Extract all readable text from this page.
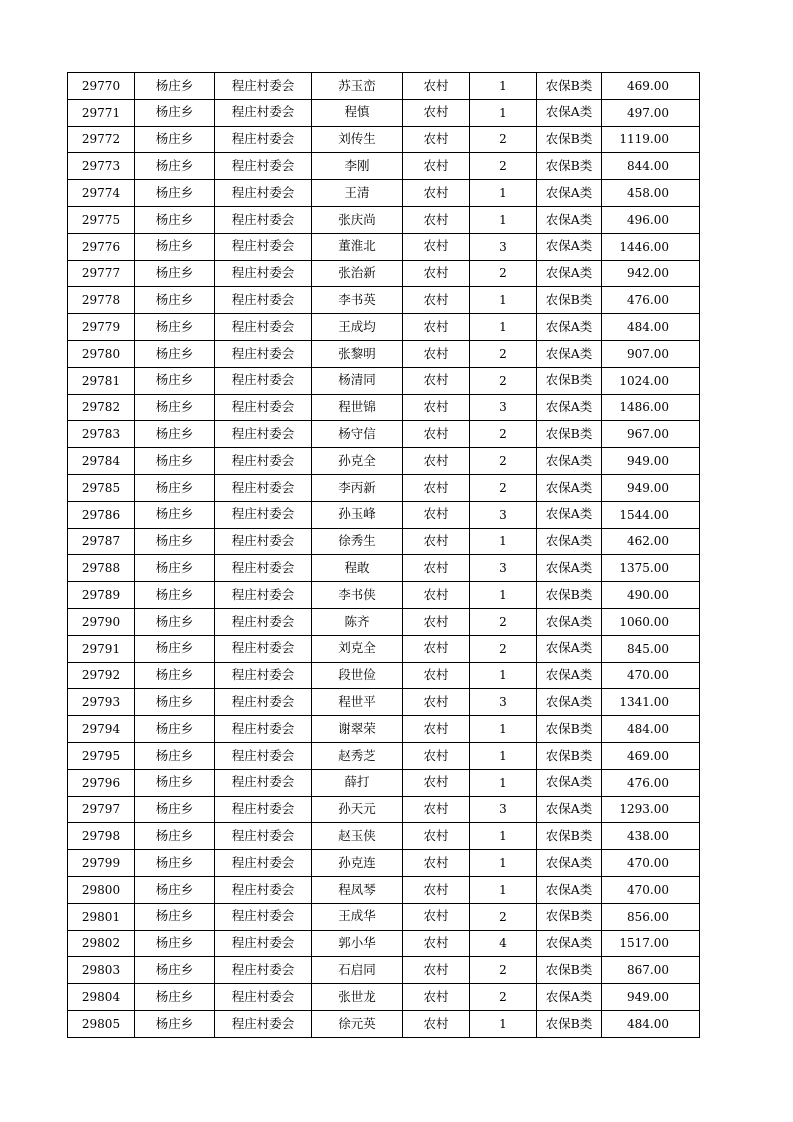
29770	杨庄乡	程庄村委会	苏玉峦	农村	1	农保B类	469.00
29771	杨庄乡	程庄村委会	程慎	农村	1	农保A类	497.00
29772	杨庄乡	程庄村委会	刘传生	农村	2	农保B类	1119.00
29773	杨庄乡	程庄村委会	李刚	农村	2	农保B类	844.00
29774	杨庄乡	程庄村委会	王清	农村	1	农保A类	458.00
29775	杨庄乡	程庄村委会	张庆尚	农村	1	农保A类	496.00
29776	杨庄乡	程庄村委会	董淮北	农村	3	农保A类	1446.00
29777	杨庄乡	程庄村委会	张治新	农村	2	农保A类	942.00
29778	杨庄乡	程庄村委会	李书英	农村	1	农保B类	476.00
29779	杨庄乡	程庄村委会	王成均	农村	1	农保A类	484.00
29780	杨庄乡	程庄村委会	张黎明	农村	2	农保A类	907.00
29781	杨庄乡	程庄村委会	杨清同	农村	2	农保B类	1024.00
29782	杨庄乡	程庄村委会	程世锦	农村	3	农保A类	1486.00
29783	杨庄乡	程庄村委会	杨守信	农村	2	农保B类	967.00
29784	杨庄乡	程庄村委会	孙克全	农村	2	农保A类	949.00
29785	杨庄乡	程庄村委会	李丙新	农村	2	农保A类	949.00
29786	杨庄乡	程庄村委会	孙玉峰	农村	3	农保A类	1544.00
29787	杨庄乡	程庄村委会	徐秀生	农村	1	农保A类	462.00
29788	杨庄乡	程庄村委会	程敢	农村	3	农保A类	1375.00
29789	杨庄乡	程庄村委会	李书侠	农村	1	农保B类	490.00
29790	杨庄乡	程庄村委会	陈齐	农村	2	农保A类	1060.00
29791	杨庄乡	程庄村委会	刘克全	农村	2	农保A类	845.00
29792	杨庄乡	程庄村委会	段世俭	农村	1	农保A类	470.00
29793	杨庄乡	程庄村委会	程世平	农村	3	农保A类	1341.00
29794	杨庄乡	程庄村委会	谢翠荣	农村	1	农保B类	484.00
29795	杨庄乡	程庄村委会	赵秀芝	农村	1	农保B类	469.00
29796	杨庄乡	程庄村委会	薛打	农村	1	农保A类	476.00
29797	杨庄乡	程庄村委会	孙天元	农村	3	农保A类	1293.00
29798	杨庄乡	程庄村委会	赵玉侠	农村	1	农保B类	438.00
29799	杨庄乡	程庄村委会	孙克连	农村	1	农保A类	470.00
29800	杨庄乡	程庄村委会	程凤琴	农村	1	农保A类	470.00
29801	杨庄乡	程庄村委会	王成华	农村	2	农保B类	856.00
29802	杨庄乡	程庄村委会	郭小华	农村	4	农保A类	1517.00
29803	杨庄乡	程庄村委会	石启同	农村	2	农保B类	867.00
29804	杨庄乡	程庄村委会	张世龙	农村	2	农保A类	949.00
29805	杨庄乡	程庄村委会	徐元英	农村	1	农保B类	484.00
